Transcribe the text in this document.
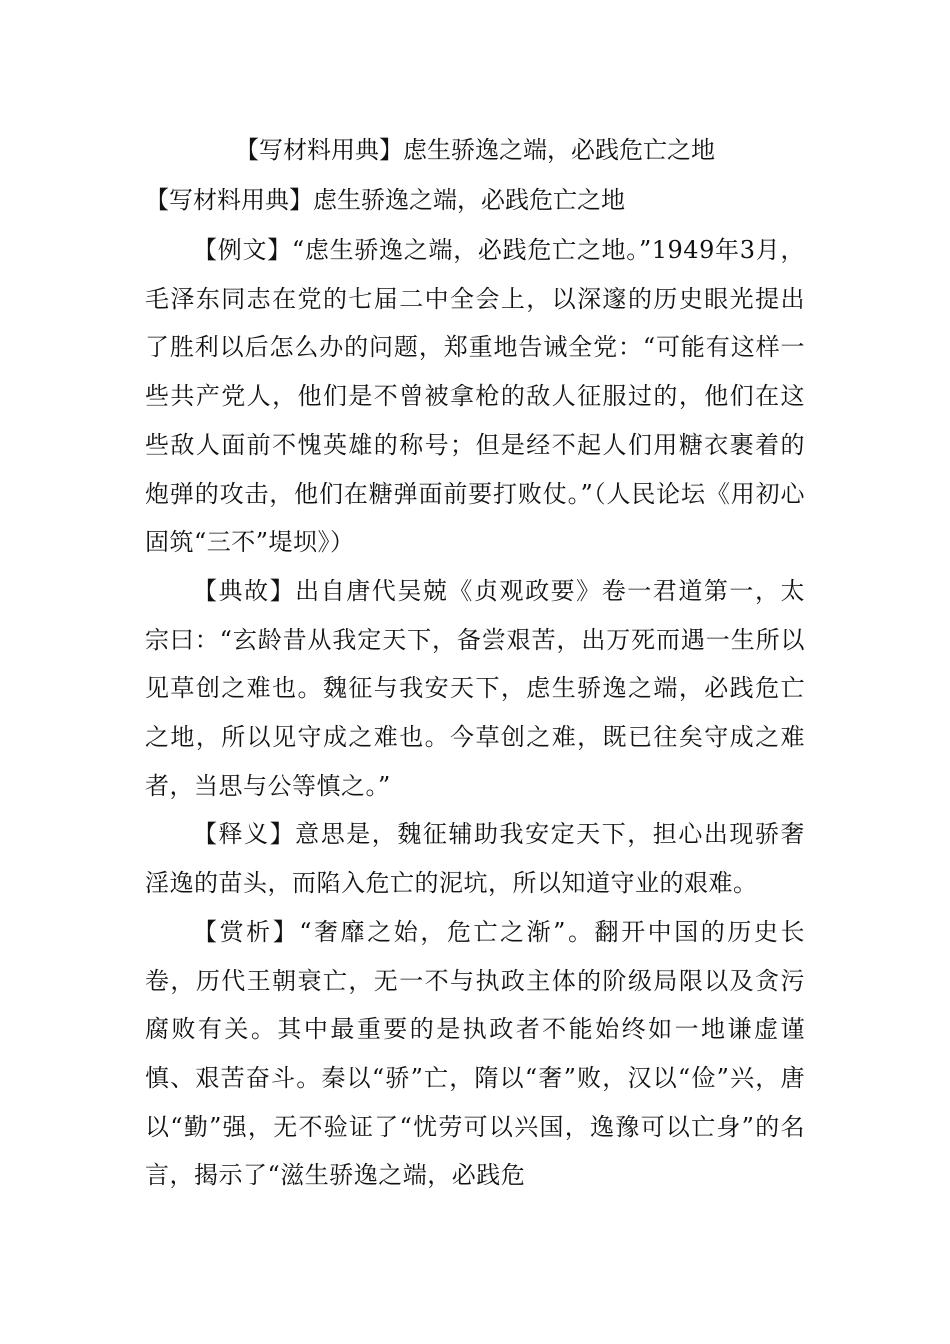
【写材料用典】虑生骄逸之端，必践危亡之地
【写材料用典】虑生骄逸之端，必践危亡之地

【例文】“虑生骄逸之端，必践危亡之地。”1949年3月，毛泽东同志在党的七届二中全会上，以深邃的历史眼光提出了胜利以后怎么办的问题，郑重地告诫全党：“可能有这样一些共产党人，他们是不曾被拿枪的敌人征服过的，他们在这些敌人面前不愧英雄的称号；但是经不起人们用糖衣裹着的炮弹的攻击，他们在糖弹面前要打败仗。”（人民论坛《用初心固筑“三不”堤坝》）

【典故】出自唐代吴兢《贞观政要》卷一君道第一，太宗曰：“玄龄昔从我定天下，备尝艰苦，出万死而遇一生所以见草创之难也。魏征与我安天下，虑生骄逸之端，必践危亡之地，所以见守成之难也。今草创之难，既已往矣守成之难者，当思与公等慎之。”

【释义】意思是，魏征辅助我安定天下，担心出现骄奢淫逸的苗头，而陷入危亡的泥坑，所以知道守业的艰难。

【赏析】“奢靡之始，危亡之渐”。翻开中国的历史长卷，历代王朝衰亡，无一不与执政主体的阶级局限以及贪污腐败有关。其中最重要的是执政者不能始终如一地谦虚谨慎、艰苦奋斗。秦以“骄”亡，隋以“奢”败，汉以“俭”兴，唐以“勤”强，无不验证了“忧劳可以兴国，逸豫可以亡身”的名言，揭示了“滋生骄逸之端，必践危
